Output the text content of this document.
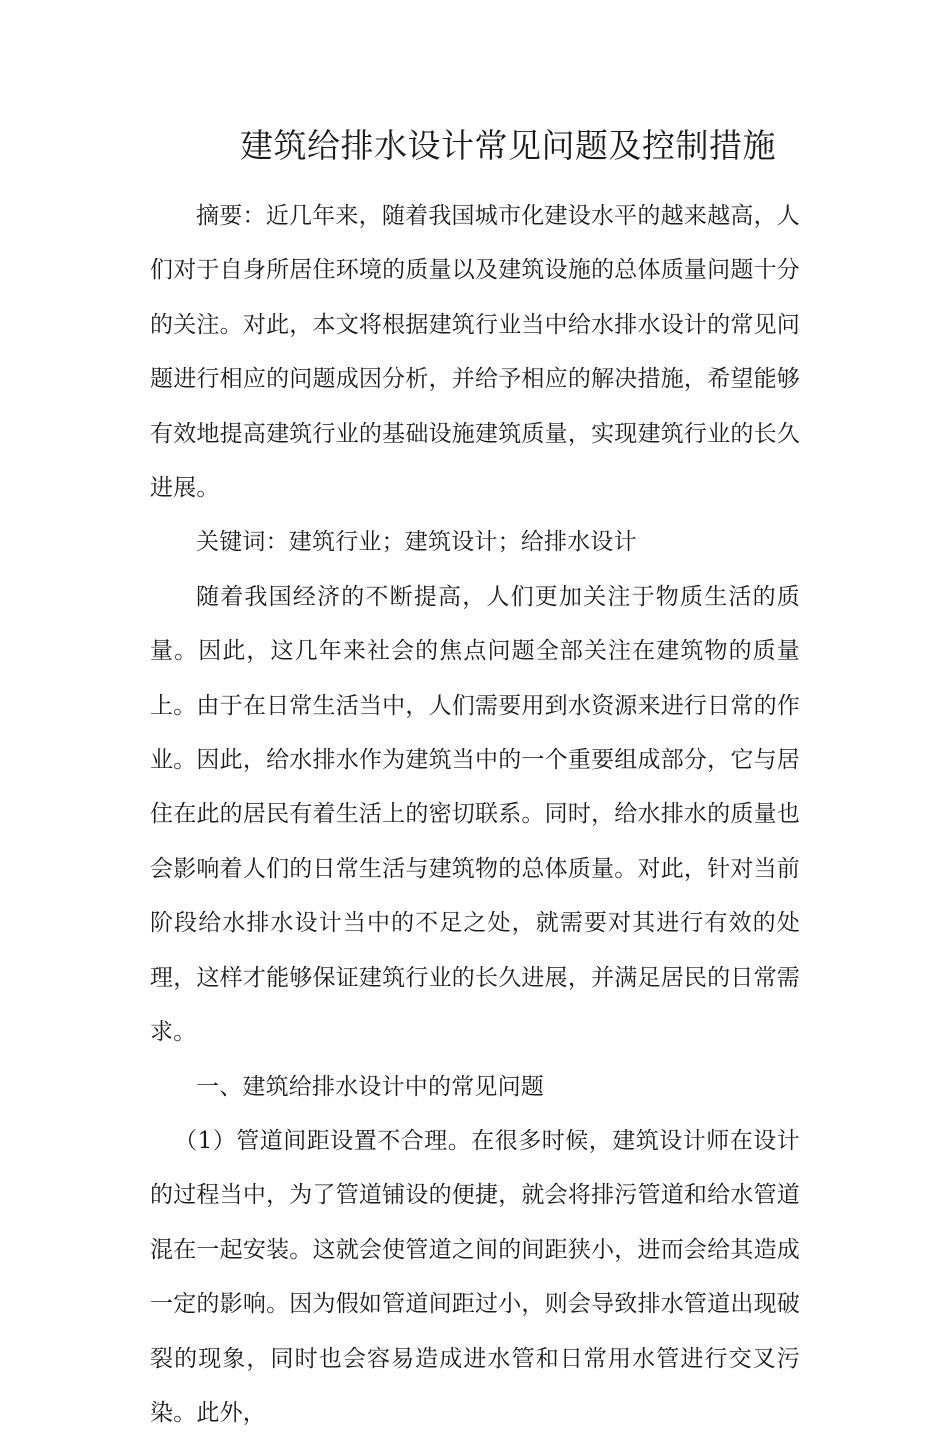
建筑给排水设计常见问题及控制措施

摘要：近几年来，随着我国城市化建设水平的越来越高，人们对于自身所居住环境的质量以及建筑设施的总体质量问题十分的关注。对此，本文将根据建筑行业当中给水排水设计的常见问题进行相应的问题成因分析，并给予相应的解决措施，希望能够有效地提高建筑行业的基础设施建筑质量，实现建筑行业的长久进展。

关键词：建筑行业；建筑设计；给排水设计

随着我国经济的不断提高，人们更加关注于物质生活的质量。因此，这几年来社会的焦点问题全部关注在建筑物的质量上。由于在日常生活当中，人们需要用到水资源来进行日常的作业。因此，给水排水作为建筑当中的一个重要组成部分，它与居住在此的居民有着生活上的密切联系。同时，给水排水的质量也会影响着人们的日常生活与建筑物的总体质量。对此，针对当前阶段给水排水设计当中的不足之处，就需要对其进行有效的处理，这样才能够保证建筑行业的长久进展，并满足居民的日常需求。

一、建筑给排水设计中的常见问题

（1）管道间距设置不合理。在很多时候，建筑设计师在设计的过程当中，为了管道铺设的便捷，就会将排污管道和给水管道混在一起安装。这就会使管道之间的间距狭小，进而会给其造成一定的影响。因为假如管道间距过小，则会导致排水管道出现破裂的现象，同时也会容易造成进水管和日常用水管进行交叉污染。此外，
